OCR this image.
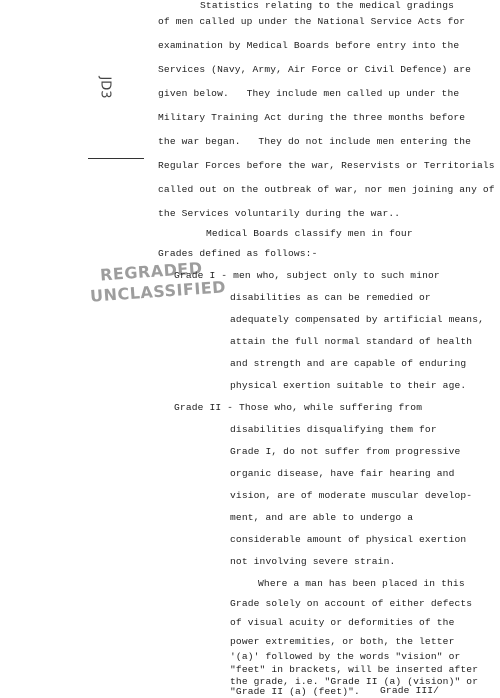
JD3
REGRADED
UNCLASSIFIED
Statistics relating to the medical gradings
of men called up under the National Service Acts for
examination by Medical Boards before entry into the
Services (Navy, Army, Air Force or Civil Defence) are
given below.   They include men called up under the
Military Training Act during the three months before
the war began.   They do not include men entering the
Regular Forces before the war, Reservists or Territorials
called out on the outbreak of war, nor men joining any of
the Services voluntarily during the war..
Medical Boards classify men in four
Grades defined as follows:-
Grade I - men who, subject only to such minor
disabilities as can be remedied or
adequately compensated by artificial means,
attain the full normal standard of health
and strength and are capable of enduring
physical exertion suitable to their age.
Grade II - Those who, while suffering from
disabilities disqualifying them for
Grade I, do not suffer from progressive
organic disease, have fair hearing and
vision, are of moderate muscular develop-
ment, and are able to undergo a
considerable amount of physical exertion
not involving severe strain.
Where a man has been placed in this
Grade solely on account of either defects
of visual acuity or deformities of the
power extremities, or both, the letter
'(a)' followed by the words "vision" or
"feet" in brackets, will be inserted after
the grade, i.e. "Grade II (a) (vision)" or
"Grade II (a) (feet)". Grade III/
